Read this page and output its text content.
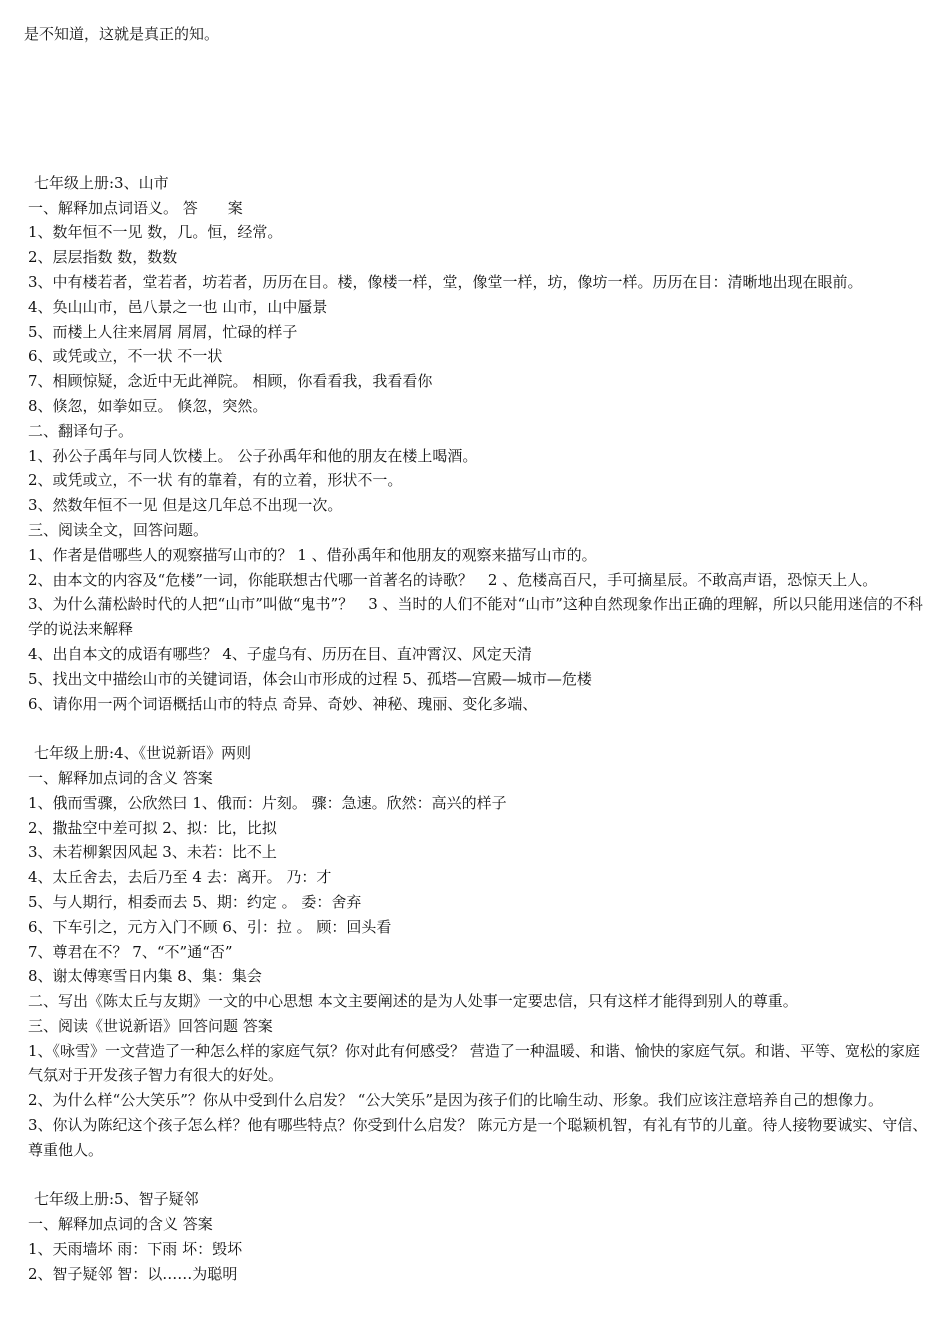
是不知道，这就是真正的知。
七年级上册:3、山市
一、解释加点词语义。 答　　案
1、数年恒不一见 数，几。恒，经常。
2、层层指数 数，数数
3、中有楼若者，堂若者，坊若者，历历在目。楼，像楼一样，堂，像堂一样，坊，像坊一样。历历在目：清晰地出现在眼前。
4、奂山山市，邑八景之一也 山市，山中蜃景
5、而楼上人往来屑屑 屑屑，忙碌的样子
6、或凭或立，不一状 不一状
7、相顾惊疑，念近中无此禅院。 相顾，你看看我，我看看你
8、倏忽，如拳如豆。 倏忽，突然。
二、翻译句子。
1、孙公子禹年与同人饮楼上。 公子孙禹年和他的朋友在楼上喝酒。
2、或凭或立，不一状 有的靠着，有的立着，形状不一。
3、然数年恒不一见 但是这几年总不出现一次。
三、阅读全文，回答问题。
1、作者是借哪些人的观察描写山市的？ 1 、借孙禹年和他朋友的观察来描写山市的。
2、由本文的内容及“危楼”一词，你能联想古代哪一首著名的诗歌？　2 、危楼高百尺，手可摘星辰。不敢高声语，恐惊天上人。
3、为什么蒲松龄时代的人把“山市”叫做“鬼书”？　3 、当时的人们不能对“山市”这种自然现象作出正确的理解，所以只能用迷信的不科学的说法来解释
4、出自本文的成语有哪些？ 4、子虚乌有、历历在目、直冲霄汉、风定天清
5、找出文中描绘山市的关键词语，体会山市形成的过程 5、孤塔—宫殿—城市—危楼
6、请你用一两个词语概括山市的特点 奇异、奇妙、神秘、瑰丽、变化多端、
七年级上册:4、《世说新语》两则
一、解释加点词的含义 答案
1、俄而雪骤，公欣然曰 1、俄而：片刻。 骤：急速。欣然：高兴的样子
2、撒盐空中差可拟 2、拟：比，比拟
3、未若柳絮因风起 3、未若：比不上
4、太丘舍去，去后乃至 4 去：离开。 乃：才
5、与人期行，相委而去 5、期：约定 。 委：舍弃
6、下车引之，元方入门不顾 6、引：拉 。 顾：回头看
7、尊君在不？ 7、“不”通“否”
8、谢太傅寒雪日内集 8、集：集会
二、写出《陈太丘与友期》一文的中心思想 本文主要阐述的是为人处事一定要忠信，只有这样才能得到别人的尊重。
三、阅读《世说新语》回答问题 答案
1、《咏雪》一文营造了一种怎么样的家庭气氛？你对此有何感受？ 营造了一种温暖、和谐、愉快的家庭气氛。和谐、平等、宽松的家庭气氛对于开发孩子智力有很大的好处。
2、为什么样“公大笑乐”？你从中受到什么启发？ “公大笑乐”是因为孩子们的比喻生动、形象。我们应该注意培养自己的想像力。
3、你认为陈纪这个孩子怎么样？他有哪些特点？你受到什么启发？ 陈元方是一个聪颖机智，有礼有节的儿童。待人接物要诚实、守信、尊重他人。
七年级上册:5、智子疑邻
一、解释加点词的含义 答案
1、天雨墙坏 雨：下雨 坏：毁坏
2、智子疑邻 智：以……为聪明
